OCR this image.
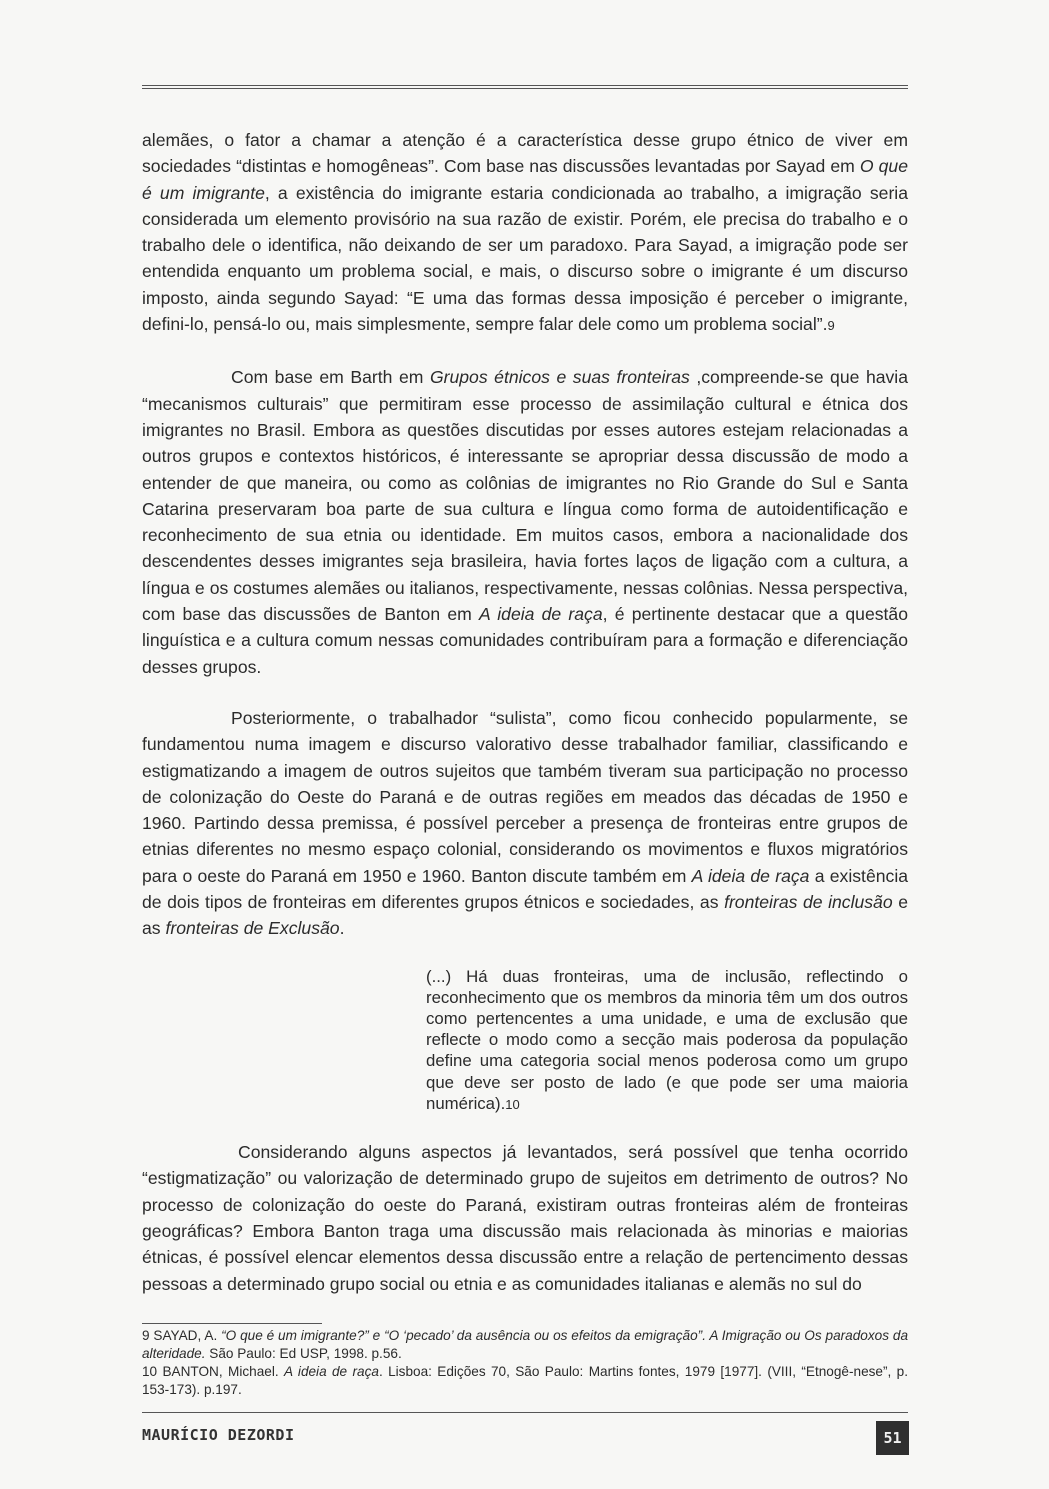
alemães, o fator a chamar a atenção é a característica desse grupo étnico de viver em sociedades “distintas e homogêneas”. Com base nas discussões levantadas por Sayad em O que é um imigrante, a existência do imigrante estaria condicionada ao trabalho, a imigração seria considerada um elemento provisório na sua razão de existir. Porém, ele precisa do trabalho e o trabalho dele o identifica, não deixando de ser um paradoxo. Para Sayad, a imigração pode ser entendida enquanto um problema social, e mais, o discurso sobre o imigrante é um discurso imposto, ainda segundo Sayad: “E uma das formas dessa imposição é perceber o imigrante, defini-lo, pensá-lo ou, mais simplesmente, sempre falar dele como um problema social”.9

Com base em Barth em Grupos étnicos e suas fronteiras ,compreende-se que havia “mecanismos culturais” que permitiram esse processo de assimilação cultural e étnica dos imigrantes no Brasil. Embora as questões discutidas por esses autores estejam relacionadas a outros grupos e contextos históricos, é interessante se apropriar dessa discussão de modo a entender de que maneira, ou como as colônias de imigrantes no Rio Grande do Sul e Santa Catarina preservaram boa parte de sua cultura e língua como forma de autoidentificação e reconhecimento de sua etnia ou identidade. Em muitos casos, embora a nacionalidade dos descendentes desses imigrantes seja brasileira, havia fortes laços de ligação com a cultura, a língua e os costumes alemães ou italianos, respectivamente, nessas colônias. Nessa perspectiva, com base das discussões de Banton em A ideia de raça, é pertinente destacar que a questão linguística e a cultura comum nessas comunidades contribuíram para a formação e diferenciação desses grupos.

Posteriormente, o trabalhador “sulista”, como ficou conhecido popularmente, se fundamentou numa imagem e discurso valorativo desse trabalhador familiar, classificando e estigmatizando a imagem de outros sujeitos que também tiveram sua participação no processo de colonização do Oeste do Paraná e de outras regiões em meados das décadas de 1950 e 1960. Partindo dessa premissa, é possível perceber a presença de fronteiras entre grupos de etnias diferentes no mesmo espaço colonial, considerando os movimentos e fluxos migratórios para o oeste do Paraná em 1950 e 1960. Banton discute também em A ideia de raça a existência de dois tipos de fronteiras em diferentes grupos étnicos e sociedades, as fronteiras de inclusão e as fronteiras de Exclusão.

(...) Há duas fronteiras, uma de inclusão, reflectindo o reconhecimento que os membros da minoria têm um dos outros como pertencentes a uma unidade, e uma de exclusão que reflecte o modo como a secção mais poderosa da população define uma categoria social menos poderosa como um grupo que deve ser posto de lado (e que pode ser uma maioria numérica).10

Considerando alguns aspectos já levantados, será possível que tenha ocorrido “estigmatização” ou valorização de determinado grupo de sujeitos em detrimento de outros? No processo de colonização do oeste do Paraná, existiram outras fronteiras além de fronteiras geográficas? Embora Banton traga uma discussão mais relacionada às minorias e maiorias étnicas, é possível elencar elementos dessa discussão entre a relação de pertencimento dessas pessoas a determinado grupo social ou etnia e as comunidades italianas e alemãs no sul do

9 SAYAD, A. “O que é um imigrante?” e “O ‘pecado’ da ausência ou os efeitos da emigração”. A Imigração ou Os paradoxos da alteridade. São Paulo: Ed USP, 1998. p.56.

10 BANTON, Michael. A ideia de raça. Lisboa: Edições 70, São Paulo: Martins fontes, 1979 [1977]. (VIII, “Etnogê-nese”, p. 153-173). p.197.

MAURÍCIO DEZORDI	51
